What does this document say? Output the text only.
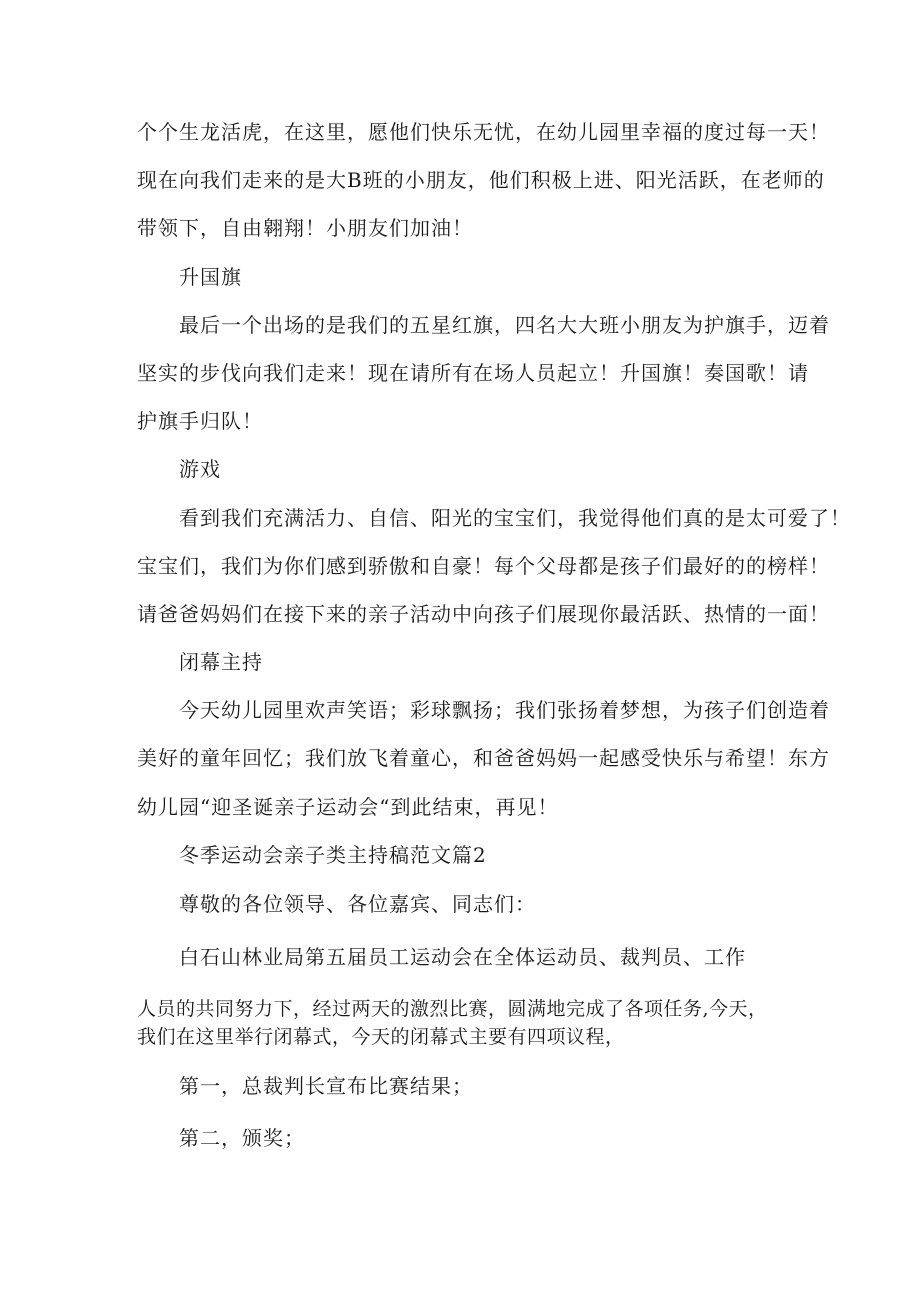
个个生龙活虎，在这里，愿他们快乐无忧，在幼儿园里幸福的度过每一天！
现在向我们走来的是大B班的小朋友，他们积极上进、阳光活跃，在老师的
带领下，自由翱翔！小朋友们加油！
升国旗
最后一个出场的是我们的五星红旗，四名大大班小朋友为护旗手，迈着
坚实的步伐向我们走来！现在请所有在场人员起立！升国旗！奏国歌！请
护旗手归队！
游戏
看到我们充满活力、自信、阳光的宝宝们，我觉得他们真的是太可爱了！
宝宝们，我们为你们感到骄傲和自豪！每个父母都是孩子们最好的的榜样！
请爸爸妈妈们在接下来的亲子活动中向孩子们展现你最活跃、热情的一面！
闭幕主持
今天幼儿园里欢声笑语；彩球飘扬；我们张扬着梦想，为孩子们创造着
美好的童年回忆；我们放飞着童心，和爸爸妈妈一起感受快乐与希望！东方
幼儿园“迎圣诞亲子运动会“到此结束，再见！
冬季运动会亲子类主持稿范文篇2
尊敬的各位领导、各位嘉宾、同志们：
白石山林业局第五届员工运动会在全体运动员、裁判员、工作
人员的共同努力下，经过两天的激烈比赛，圆满地完成了各项任务,今天，
我们在这里举行闭幕式，今天的闭幕式主要有四项议程，
第一，总裁判长宣布比赛结果；
第二，颁奖；
